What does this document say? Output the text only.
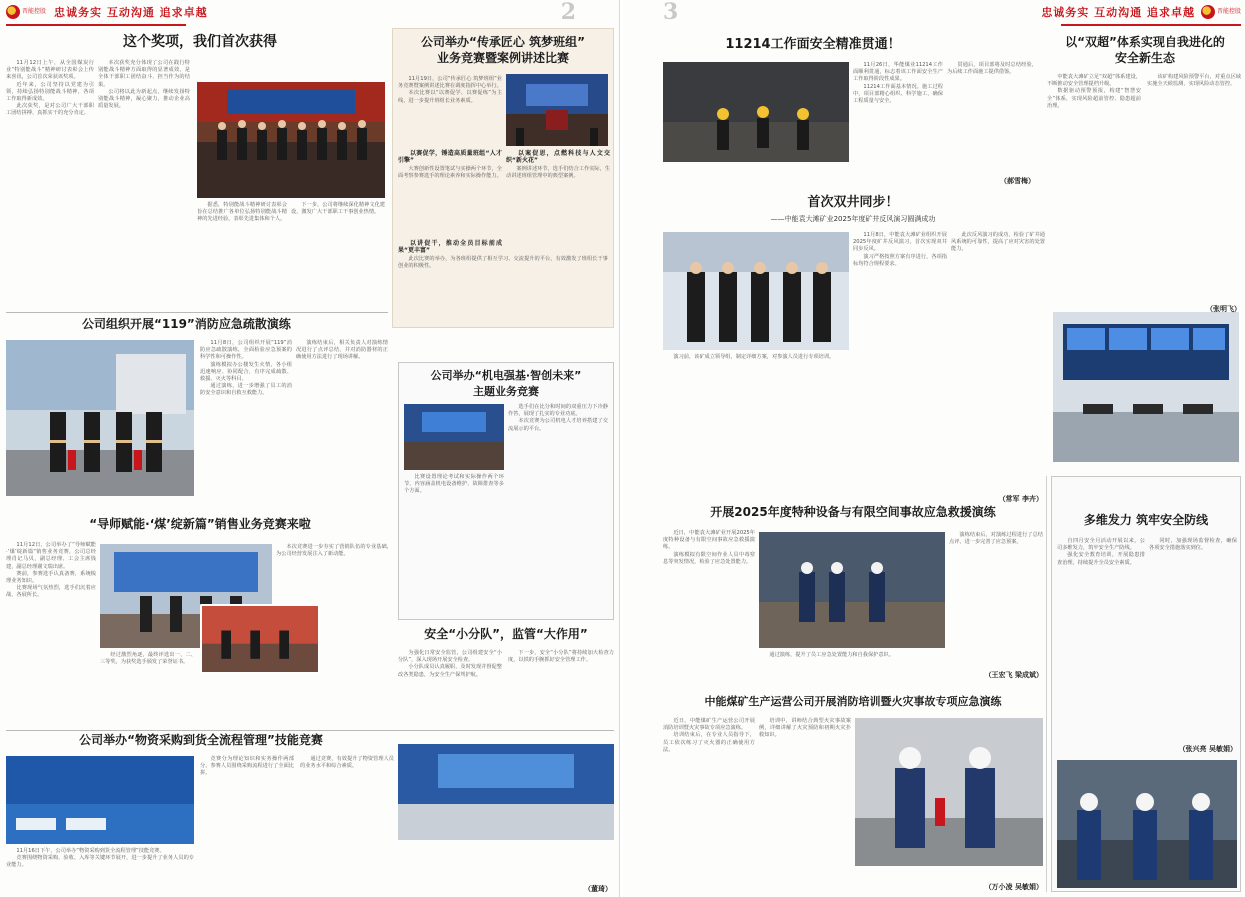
晋能控股 忠诚务实 互动沟通 追求卓越	2
这个奖项，我们首次获得

11月12日上午，从全国煤炭行业“特别能战斗”精神研讨表彰会上传来喜讯，公司首次荣获该奖项。

近年来，公司坚持以党建为引领，持续弘扬特别能战斗精神，各项工作取得新成效。

此次获奖，是对公司广大干部职工团结拼搏、真抓实干的充分肯定。

本次获奖充分体现了公司在践行特别能战斗精神方面取得的显著成效，是全体干部职工团结奋斗、担当作为的结果。

公司将以此为新起点，继续发扬特别能战斗精神，凝心聚力，推动企业高质量发展。

据悉，特别能战斗精神研讨表彰会旨在总结推广各单位弘扬特别能战斗精神的先进经验，表彰先进集体和个人。

下一步，公司将继续深化精神文化建设，激发广大干部职工干事创业热情。

公司举办“传承匠心 筑梦班组”
业务竞赛暨案例讲述比赛

11月19日，公司“传承匠心 筑梦班组”业务竞赛暨案例讲述比赛在调度指挥中心举行。

本次比赛以“以赛促学、以赛促练”为主线，进一步提升班组长业务素质。

以赛促学，锤造高质量班组“人才引擎”

大赛创新性设置笔试与实操两个环节，全面考察参赛选手的理论素养和实际操作能力。

以案促思，点燃科技与人文交织“新火花”

案例讲述环节，选手们结合工作实际，生动讲述班组管理中的典型案例。

以讲促干，推动全员目标前成果“更丰富”

此次比赛的举办，为各班组提供了相互学习、交流提升的平台，有效激发了班组长干事创业的积极性。

公司组织开展“119”消防应急疏散演练

11月8日，公司组织开展“119”消防应急疏散演练，全面检验应急预案的科学性和可操作性。

演练模拟办公楼发生火情，各小组迅速响应、协同配合，有序完成疏散、救援、灭火等科目。

通过演练，进一步增强了员工的消防安全意识和自救互救能力。

演练结束后，相关负责人对演练情况进行了点评总结，并对消防器材的正确使用方法进行了现场讲解。

公司举办“机电强基·智创未来”
主题业务竞赛

选手们在比分和时间的双重压力下冷静作答，展现了扎实的专业功底。

本次竞赛为公司机电人才培养搭建了交流展示的平台。

比赛设置理论考试和实际操作两个环节，内容涵盖机电设备维护、故障排查等多个方面。

“导师赋能·‘煤’绽新篇”销售业务竞赛来啦

11月12日，公司举办了“导师赋能·‘煤’绽新篇”销售业务竞赛，公司总经理肖记马贝，副总经理、工会主席钱建，副总经理谢文瑞出席。

赛前，参赛选手认真备赛，系统梳理业务知识。

比赛现场气氛热烈，选手们沉着应战、各展所长。

经过激烈角逐，最终评选出一、二、三等奖，为获奖选手颁发了荣誉证书。

本次竞赛进一步夯实了营销队伍的专业基础，为公司经营发展注入了新动能。

安全“小分队”，监管“大作用”

为强化日常安全监管，公司组建安全“小分队”，深入现场开展安全检查。

小分队成员认真履职，及时发现并督促整改各类隐患，为安全生产保驾护航。

下一步，安全“小分队”将持续加大检查力度，以铁的手腕抓好安全管理工作。

公司举办“物资采购到货全流程管理”技能竞赛

11月16日下午，公司举办“物资采购到货全流程管理”技能竞赛。

竞赛围绕物资采购、验收、入库等关键环节展开，进一步提升了业务人员的专业能力。

竞赛分为理论知识和实务操作两部分，参赛人员围绕采购流程进行了全面比拼。

通过竞赛，有效提升了物资管理人员的业务水平和综合素质。

（董琦）
3	忠诚务实 互动沟通 追求卓越	晋能控股
11214工作面安全精准贯通！

11月26日，华能煤业11214工作面顺利贯通，标志着该工作面安全生产工作取得阶段性成果。

11214工作面基本情况。施工过程中，项目部精心组织、科学施工，确保工程质量与安全。

贯通后，项目部将及时总结经验，为后续工作面施工提供借鉴。

（郝雪梅）
以“双超”体系实现自我进化的
安全新生态

中能袁大滩矿立足“双超”体系建设，不断推动安全管理提档升级。

数据驱动预警预报，构建“智慧安全”体系，实现风险超前管控、隐患超前治理。

该矿构建风险预警平台，对重点区域实施全天候监测，实现风险动态管控。

（张明飞）
首次双井同步！
——中能袁大滩矿业2025年度矿井反风演习圆满成功

11月8日，中能袁大滩矿业组织开展2025年度矿井反风演习，首次实现双井同步反风。

演习严格按照方案有序进行，各项指标均符合规程要求。

此次反风演习的成功，检验了矿井通风系统的可靠性，提高了应对灾害的处置能力。

演习前，该矿成立领导组，制定详细方案，对参演人员进行专项培训。

（常军 李卉）
开展2025年度特种设备与有限空间事故应急救援演练

近日，中能袁大滩矿业开展2025年度特种设备与有限空间事故应急救援演练。

演练模拟有限空间作业人员中毒窒息等突发情况，检验了应急处置能力。

演练结束后，对演练过程进行了总结点评，进一步完善了应急预案。

通过演练，提升了员工应急处置能力和自我保护意识。

（王宏飞 梁成斌）
多维发力 筑牢安全防线

自四月安全月活动开展以来，公司多维发力，筑牢安全生产防线。

强化安全教育培训，开展隐患排查治理，持续提升全员安全素质。

同时，加强现场监督检查，确保各项安全措施落实到位。

（张兴亮 吴敏娟）
中能煤矿生产运营公司开展消防培训暨火灾事故专项应急演练

近日，中能煤矿生产运营公司开展消防培训暨火灾事故专项应急演练。

培训结束后，在专业人员指导下，员工依次练习了灭火器的正确使用方法。

培训中，讲师结合典型火灾事故案例，详细讲解了火灾预防和初期火灾扑救知识。

（万小凌 吴敏娟）
